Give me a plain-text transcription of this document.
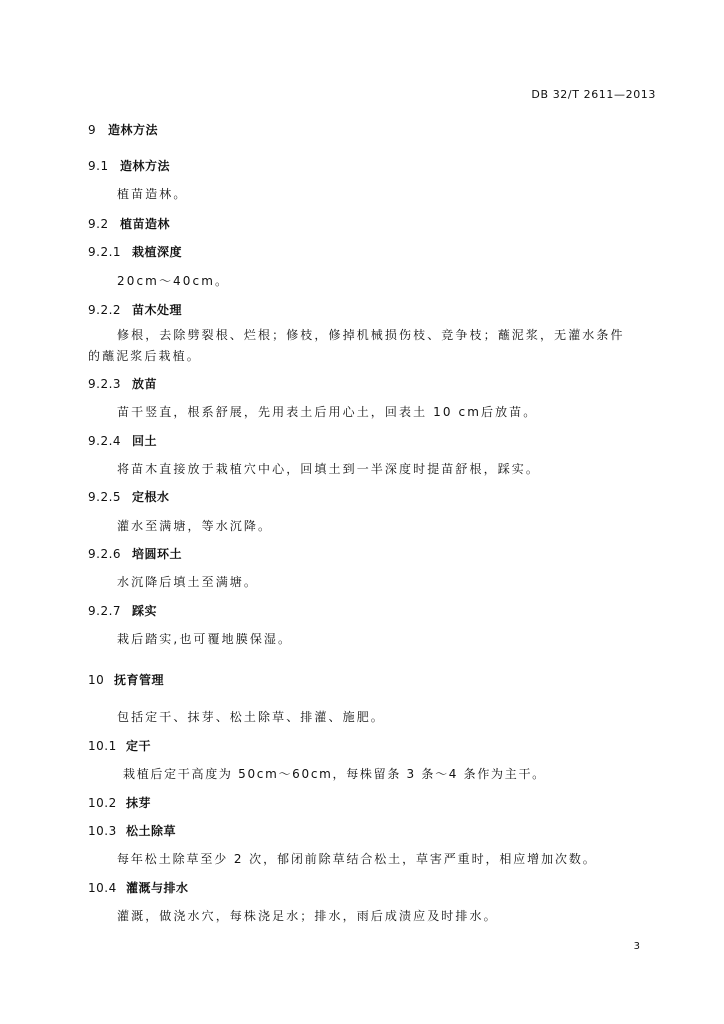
DB 32/T 2611—2013
9 造林方法
9.1 造林方法
植苗造林。
9.2 植苗造林
9.2.1 栽植深度
20cm～40cm。
9.2.2 苗木处理
修根，去除劈裂根、烂根；修枝，修掉机械损伤枝、竞争枝；蘸泥浆，无灌水条件
的蘸泥浆后栽植。
9.2.3 放苗
苗干竖直，根系舒展，先用表土后用心土，回表土 10 cm后放苗。
9.2.4 回土
将苗木直接放于栽植穴中心，回填土到一半深度时提苗舒根，踩实。
9.2.5 定根水
灌水至满塘，等水沉降。
9.2.6 培圆环土
水沉降后填土至满塘。
9.2.7 踩实
栽后踏实,也可覆地膜保湿。
10 抚育管理
包括定干、抹芽、松土除草、排灌、施肥。
10.1 定干
栽植后定干高度为 50cm～60cm，每株留条 3 条～4 条作为主干。
10.2 抹芽
10.3 松土除草
每年松土除草至少 2 次，郁闭前除草结合松土，草害严重时，相应增加次数。
10.4 灌溉与排水
灌溉，做浇水穴，每株浇足水；排水，雨后成渍应及时排水。
3
